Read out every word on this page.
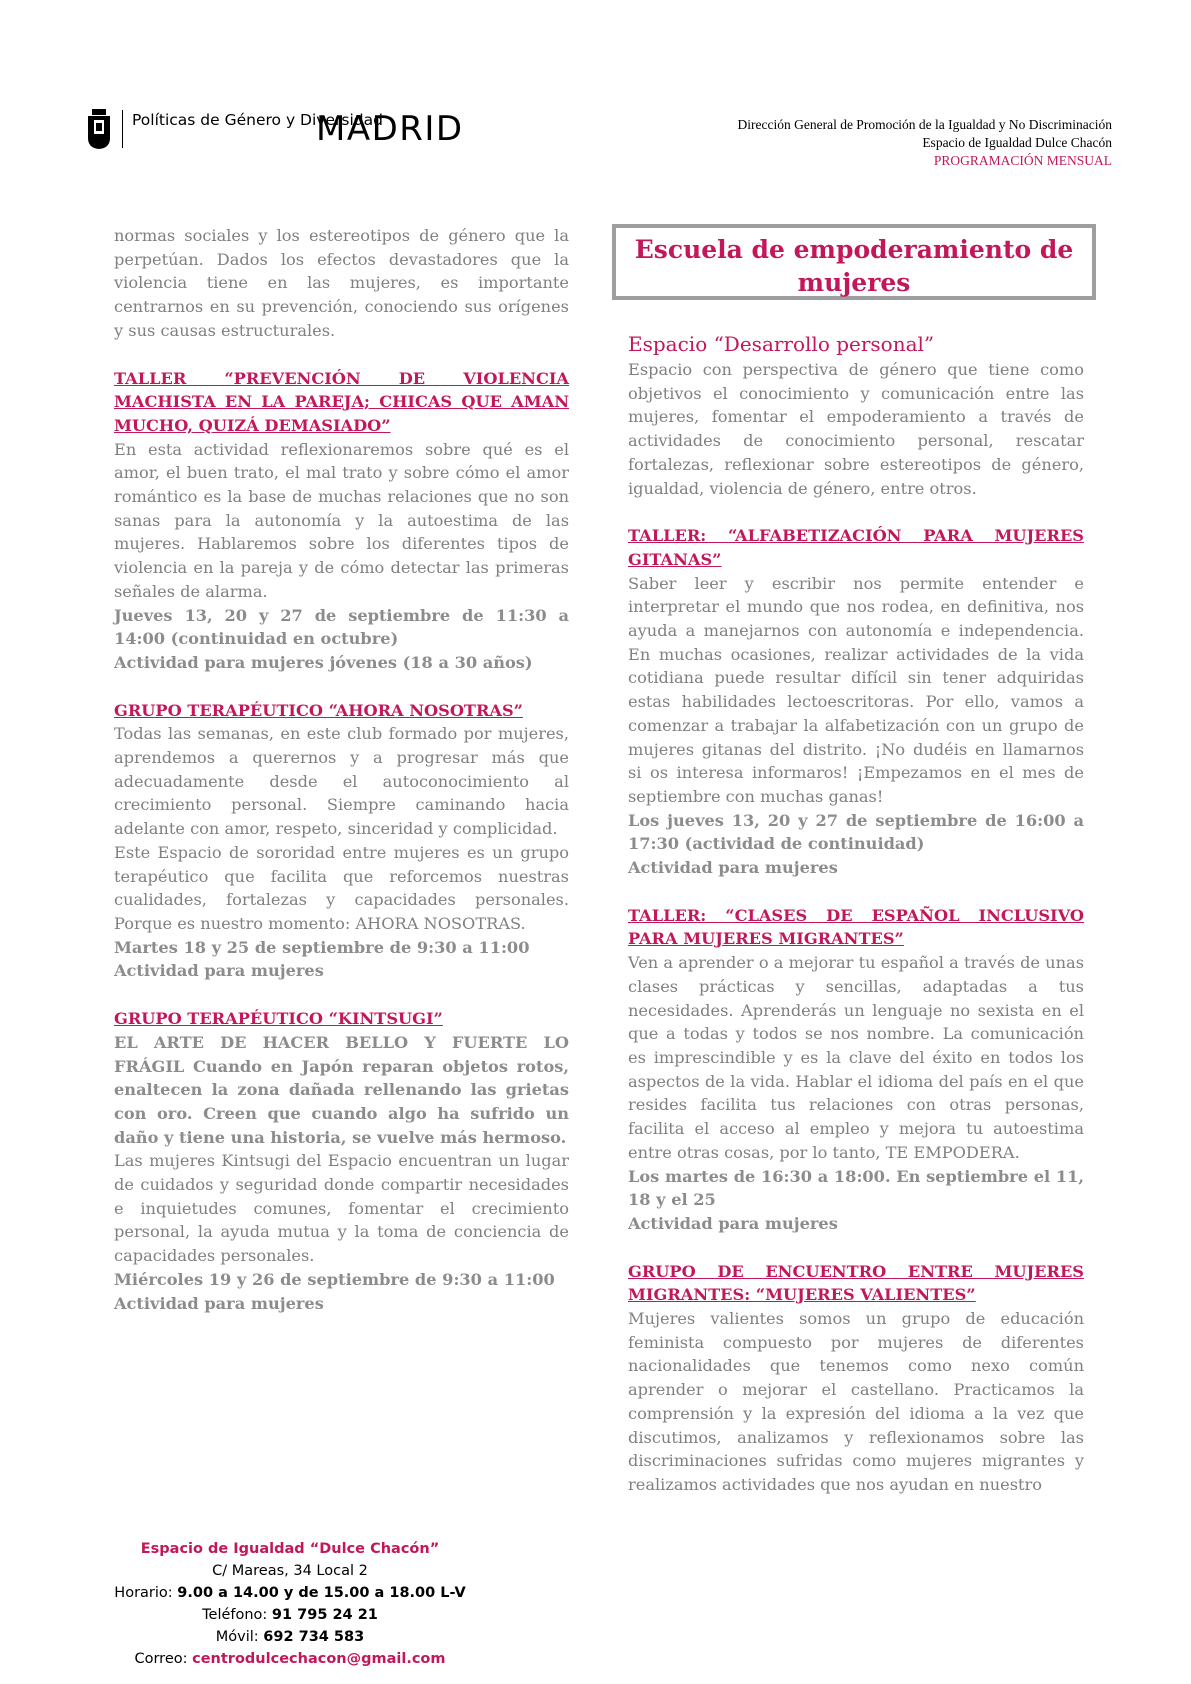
Políticas de Género y Diversidad
MADRID	Dirección General de Promoción de la Igualdad y No Discriminación
Espacio de Igualdad Dulce Chacón
PROGRAMACIÓN MENSUAL

normas sociales y los estereotipos de género que la perpetúan. Dados los efectos devastadores que la violencia tiene en las mujeres, es importante centrarnos en su prevención, conociendo sus orígenes y sus causas estructurales.

TALLER “PREVENCIÓN DE VIOLENCIA MACHISTA EN LA PAREJA; CHICAS QUE AMAN MUCHO, QUIZÁ DEMASIADO”

En esta actividad reflexionaremos sobre qué es el amor, el buen trato, el mal trato y sobre cómo el amor romántico es la base de muchas relaciones que no son sanas para la autonomía y la autoestima de las mujeres. Hablaremos sobre los diferentes tipos de violencia en la pareja y de cómo detectar las primeras señales de alarma.

Jueves 13, 20 y 27 de septiembre de 11:30 a 14:00 (continuidad en octubre)

Actividad para mujeres jóvenes (18 a 30 años)

GRUPO TERAPÉUTICO “AHORA NOSOTRAS”

Todas las semanas, en este club formado por mujeres, aprendemos a querernos y a progresar más que adecuadamente desde el autoconocimiento al crecimiento personal. Siempre caminando hacia adelante con amor, respeto, sinceridad y complicidad.

Este Espacio de sororidad entre mujeres es un grupo terapéutico que facilita que reforcemos nuestras cualidades, fortalezas y capacidades personales. Porque es nuestro momento: AHORA NOSOTRAS.

Martes 18 y 25 de septiembre de 9:30 a 11:00

Actividad para mujeres

GRUPO TERAPÉUTICO “KINTSUGI”

EL ARTE DE HACER BELLO Y FUERTE LO FRÁGIL Cuando en Japón reparan objetos rotos, enaltecen la zona dañada rellenando las grietas con oro. Creen que cuando algo ha sufrido un daño y tiene una historia, se vuelve más hermoso.

Las mujeres Kintsugi del Espacio encuentran un lugar de cuidados y seguridad donde compartir necesidades e inquietudes comunes, fomentar el crecimiento personal, la ayuda mutua y la toma de conciencia de capacidades personales.

Miércoles 19 y 26 de septiembre de 9:30 a 11:00

Actividad para mujeres

Escuela de empoderamiento de mujeres

Espacio “Desarrollo personal”

Espacio con perspectiva de género que tiene como objetivos el conocimiento y comunicación entre las mujeres, fomentar el empoderamiento a través de actividades de conocimiento personal, rescatar fortalezas, reflexionar sobre estereotipos de género, igualdad, violencia de género, entre otros.

TALLER: “ALFABETIZACIÓN PARA MUJERES GITANAS”

Saber leer y escribir nos permite entender e interpretar el mundo que nos rodea, en definitiva, nos ayuda a manejarnos con autonomía e independencia. En muchas ocasiones, realizar actividades de la vida cotidiana puede resultar difícil sin tener adquiridas estas habilidades lectoescritoras. Por ello, vamos a comenzar a trabajar la alfabetización con un grupo de mujeres gitanas del distrito. ¡No dudéis en llamarnos si os interesa informaros! ¡Empezamos en el mes de septiembre con muchas ganas!

Los jueves 13, 20 y 27 de septiembre de 16:00 a 17:30 (actividad de continuidad)

Actividad para mujeres

TALLER: “CLASES DE ESPAÑOL INCLUSIVO PARA MUJERES MIGRANTES”

Ven a aprender o a mejorar tu español a través de unas clases prácticas y sencillas, adaptadas a tus necesidades. Aprenderás un lenguaje no sexista en el que a todas y todos se nos nombre. La comunicación es imprescindible y es la clave del éxito en todos los aspectos de la vida. Hablar el idioma del país en el que resides facilita tus relaciones con otras personas, facilita el acceso al empleo y mejora tu autoestima entre otras cosas, por lo tanto, TE EMPODERA.

Los martes de 16:30 a 18:00. En septiembre el 11, 18 y el 25

Actividad para mujeres

GRUPO DE ENCUENTRO ENTRE MUJERES MIGRANTES: “MUJERES VALIENTES”

Mujeres valientes somos un grupo de educación feminista compuesto por mujeres de diferentes nacionalidades que tenemos como nexo común aprender o mejorar el castellano. Practicamos la comprensión y la expresión del idioma a la vez que discutimos, analizamos y reflexionamos sobre las discriminaciones sufridas como mujeres migrantes y realizamos actividades que nos ayudan en nuestro

Espacio de Igualdad “Dulce Chacón”
C/ Mareas, 34 Local 2
Horario: 9.00 a 14.00 y de 15.00 a 18.00 L-V
Teléfono: 91 795 24 21
Móvil: 692 734 583
Correo: centrodulcechacon@gmail.com
